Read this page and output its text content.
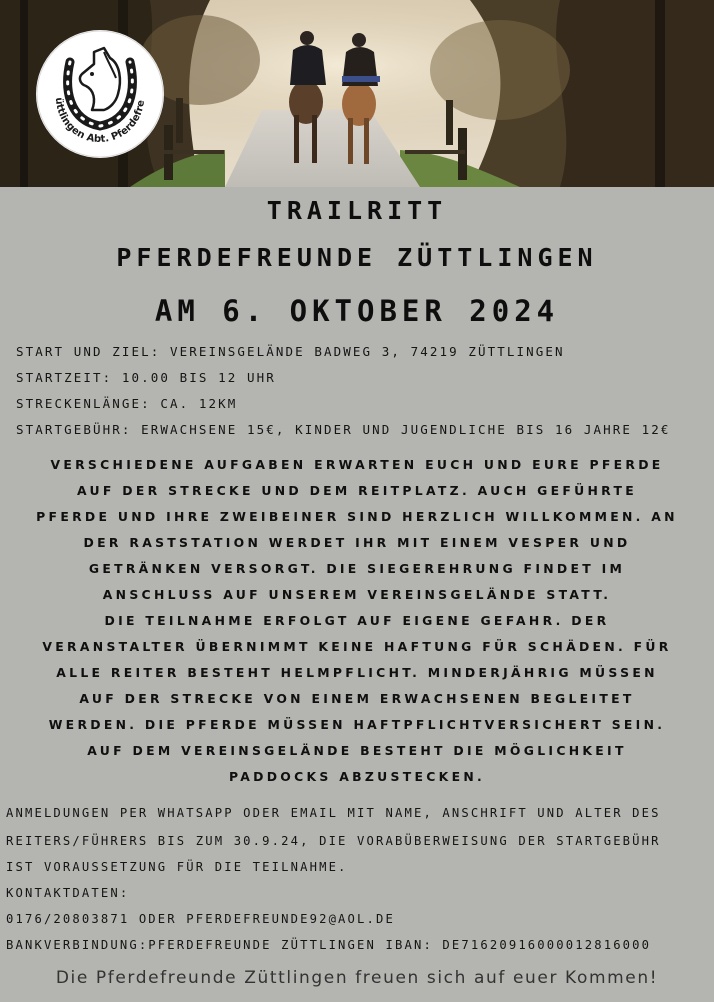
üttlingen Abt. Pferdefre
TRAILRITT
PFERDEFREUNDE ZÜTTLINGEN
AM 6. OKTOBER 2024
START UND ZIEL: VEREINSGELÄNDE BADWEG 3, 74219 ZÜTTLINGEN
STARTZEIT: 10.00 BIS 12 UHR
STRECKENLÄNGE: CA. 12KM
STARTGEBÜHR: ERWACHSENE 15€, KINDER UND JUGENDLICHE BIS 16 JAHRE 12€
VERSCHIEDENE AUFGABEN ERWARTEN EUCH UND EURE PFERDE
AUF DER STRECKE UND DEM REITPLATZ. AUCH GEFÜHRTE
PFERDE UND IHRE ZWEIBEINER SIND HERZLICH WILLKOMMEN. AN
DER RASTSTATION WERDET IHR MIT EINEM VESPER UND
GETRÄNKEN VERSORGT. DIE SIEGEREHRUNG FINDET IM
ANSCHLUSS AUF UNSEREM VEREINSGELÄNDE STATT.
DIE TEILNAHME ERFOLGT AUF EIGENE GEFAHR. DER
VERANSTALTER ÜBERNIMMT KEINE HAFTUNG FÜR SCHÄDEN. FÜR
ALLE REITER BESTEHT HELMPFLICHT. MINDERJÄHRIG MÜSSEN
AUF DER STRECKE VON EINEM ERWACHSENEN BEGLEITET
WERDEN. DIE PFERDE MÜSSEN HAFTPFLICHTVERSICHERT SEIN.
AUF DEM VEREINSGELÄNDE BESTEHT DIE MÖGLICHKEIT
PADDOCKS ABZUSTECKEN.
ANMELDUNGEN PER WHATSAPP ODER EMAIL MIT NAME, ANSCHRIFT UND ALTER DES
REITERS/FÜHRERS BIS ZUM 30.9.24, DIE VORABÜBERWEISUNG DER STARTGEBÜHR
IST VORAUSSETZUNG FÜR DIE TEILNAHME.
KONTAKTDATEN:
0176/20803871 ODER PFERDEFREUNDE92@AOL.DE
BANKVERBINDUNG:PFERDEFREUNDE ZÜTTLINGEN IBAN: DE71620916000012816000
Die Pferdefreunde Züttlingen freuen sich auf euer Kommen!
